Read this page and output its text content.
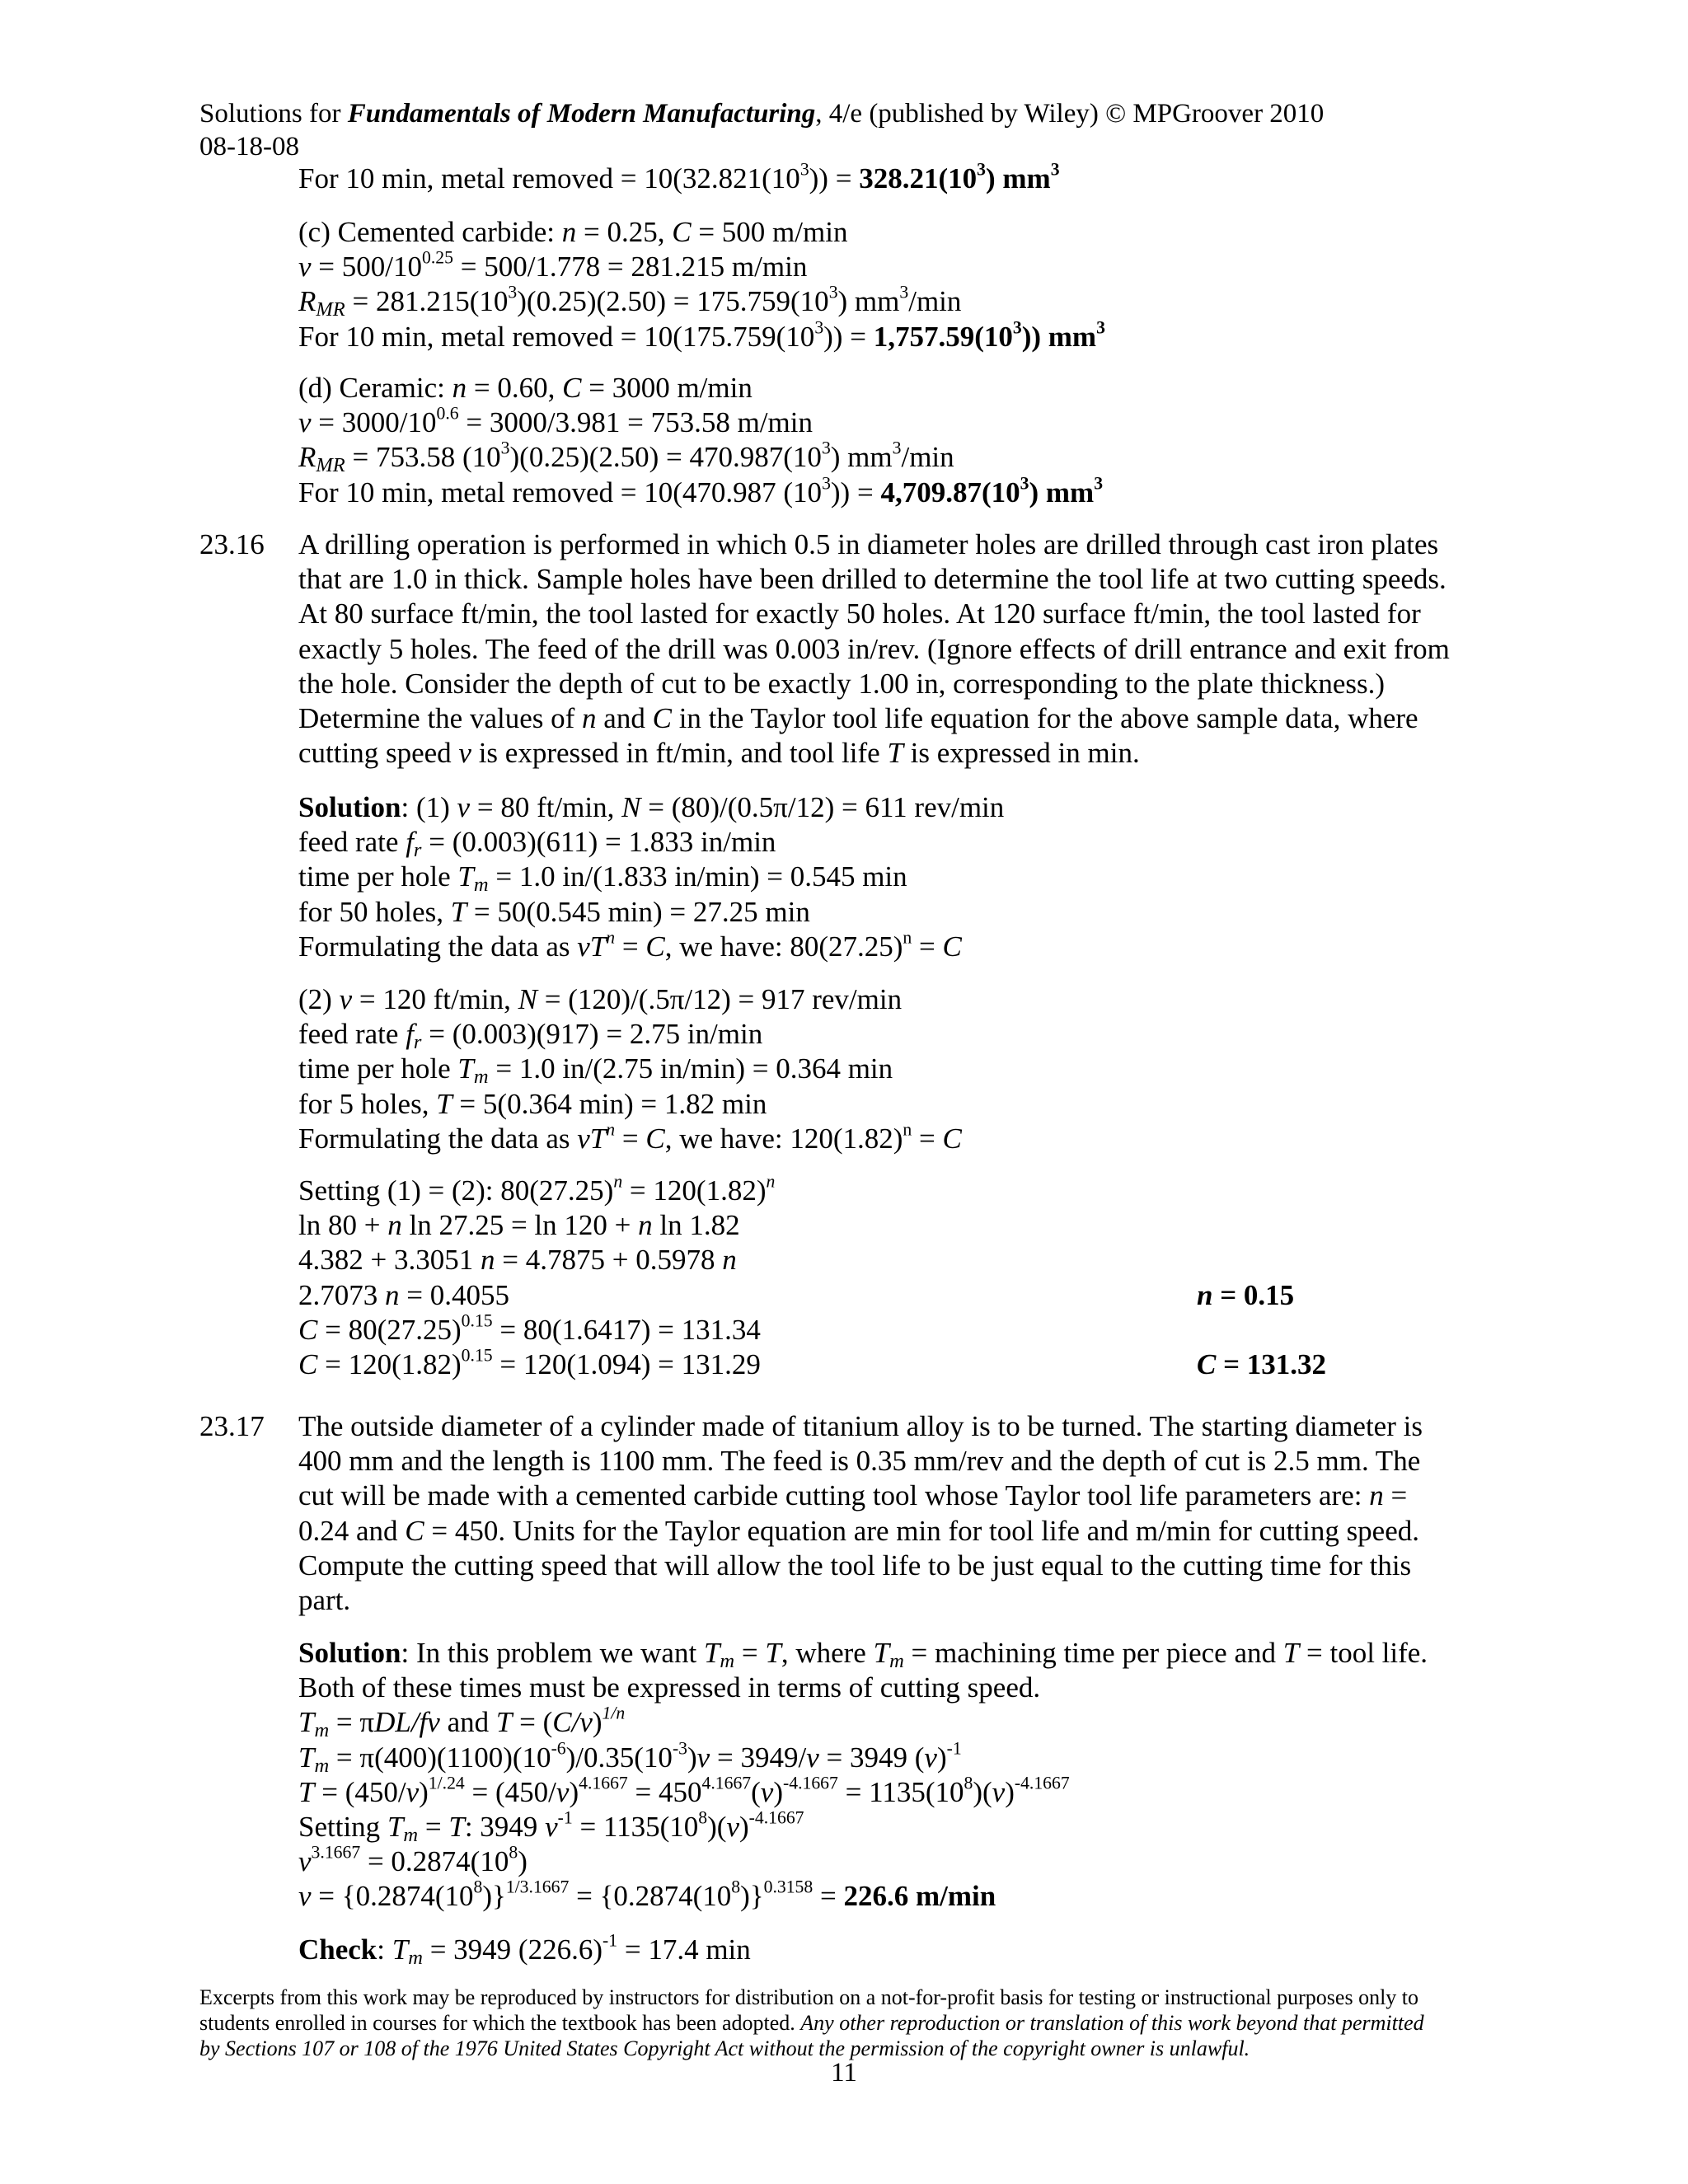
Solutions for Fundamentals of Modern Manufacturing, 4/e (published by Wiley) © MPGroover 2010
08-18-08
For 10 min, metal removed = $10(32.821(10^3)) = 328.21(10^3)$ $mm^3$
(c) Cemented carbide: n = 0.25, C = 500 m/min
$v = 500/10^{0.25} = 500/1.778 = 281.215$ m/min
$R_{MR} = 281.215(10^3)(0.25)(2.50) = 175.759(10^3)$ $mm^3/\min$
For 10 min, metal removed = $10(175.759(10^3)) = 1,757.59(10^3)$) $mm^3$
(d) Ceramic: n = 0.60, C = 3000 m/min
$v = 3000/10^{0.6} = 3000/3.981 = 753.58$ m/min
$R_{MR} = 753.58$ $(10^3)(0.25)(2.50) = 470.987(10^3)$ $mm^3/\min$
For 10 min, metal removed = 10(470.987 $(10^3)) = 4,709.87(10^3)$ $mm^3$
23.16 A drilling operation is performed in which 0.5 in diameter holes are drilled through cast iron plates
that are 1.0 in thick. Sample holes have been drilled to determine the tool life at two cutting speeds.
At 80 surface ft/min, the tool lasted for exactly 50 holes. At 120 surface ft/min, the tool lasted for
exactly 5 holes. The feed of the drill was 0.003 in/rev. (Ignore effects of drill entrance and exit from
the hole. Consider the depth of cut to be exactly 1.00 in, corresponding to the plate thickness.)
Determine the values of n and C in the Taylor tool life equation for the above sample data, where
cutting speed v is expressed in ft/min, and tool life T is expressed in min.
Solution: (1) v = 80 ft/min, N = (80)/(0.5π/12) = 611 rev/min
feed rate $f_r = (0.003)(611) = 1.833$ in/min
time per hole $T_m = 1.0$ in/(1.833 in/min) = 0.545 min
for 50 holes, T = 50(0.545 min) = 27.25 min
Formulating the data as $vT^n = C$, we have: $80(27.25)^n = C$
(2) v = 120 ft/min, N = (120)/(.5π/12) = 917 rev/min
feed rate $f_r = (0.003)(917) = 2.75$ in/min
time per hole $T_m = 1.0$ in/(2.75 in/min) = 0.364 min
for 5 holes, T = 5(0.364 min) = 1.82 min
Formulating the data as $vT^n = C$, we have: $120(1.82)^n = C$
Setting (1) = (2): $80(27.25)^n = 120(1.82)^n$
ln 80 + n ln 27.25 = ln 120 + n ln 1.82
4.382 + 3.3051 n = 4.7875 + 0.5978 n
2.7073 n = 0.4055	n = 0.15
$C = 80(27.25)^{0.15} = 80(1.6417) = 131.34$
$C = 120(1.82)^{0.15} = 120(1.094) = 131.29$	C = 131.32
23.17 The outside diameter of a cylinder made of titanium alloy is to be turned. The starting diameter is
400 mm and the length is 1100 mm. The feed is 0.35 mm/rev and the depth of cut is 2.5 mm. The
cut will be made with a cemented carbide cutting tool whose Taylor tool life parameters are: n =
0.24 and C = 450. Units for the Taylor equation are min for tool life and m/min for cutting speed.
Compute the cutting speed that will allow the tool life to be just equal to the cutting time for this
part.
Solution: In this problem we want $T_m = T$, where $T_m$ = machining time per piece and T = tool life.
Both of these times must be expressed in terms of cutting speed.
$T_m = \pi DL/fv$ and $T = (C/v)^{1/n}$
$T_m = \pi(400)(1100)(10^{-6})/0.35(10^{-3})v = 3949/v = 3949$ $(v)^{-1}$
$T = (450/v)^{1/.24} = (450/v)^{4.1667} = 450^{4.1667}(v)^{-4.1667} = 1135(10^8)(v)^{-4.1667}$
Setting $T_m = T$: 3949 $v^{-1} = 1135(10^8)(v)^{-4.1667}$
$v^{3.1667} = 0.2874(10^8)$
$v = \{0.2874(10^8)\}^{1/3.1667} = \{0.2874(10^8)\}^{0.3158} = 226.6$ m/min
Check: $T_m = 3949$ $(226.6)^{-1} = 17.4$ min
Excerpts from this work may be reproduced by instructors for distribution on a not-for-profit basis for testing or instructional purposes only to
students enrolled in courses for which the textbook has been adopted. Any other reproduction or translation of this work beyond that permitted
by Sections 107 or 108 of the 1976 United States Copyright Act without the permission of the copyright owner is unlawful.
11
